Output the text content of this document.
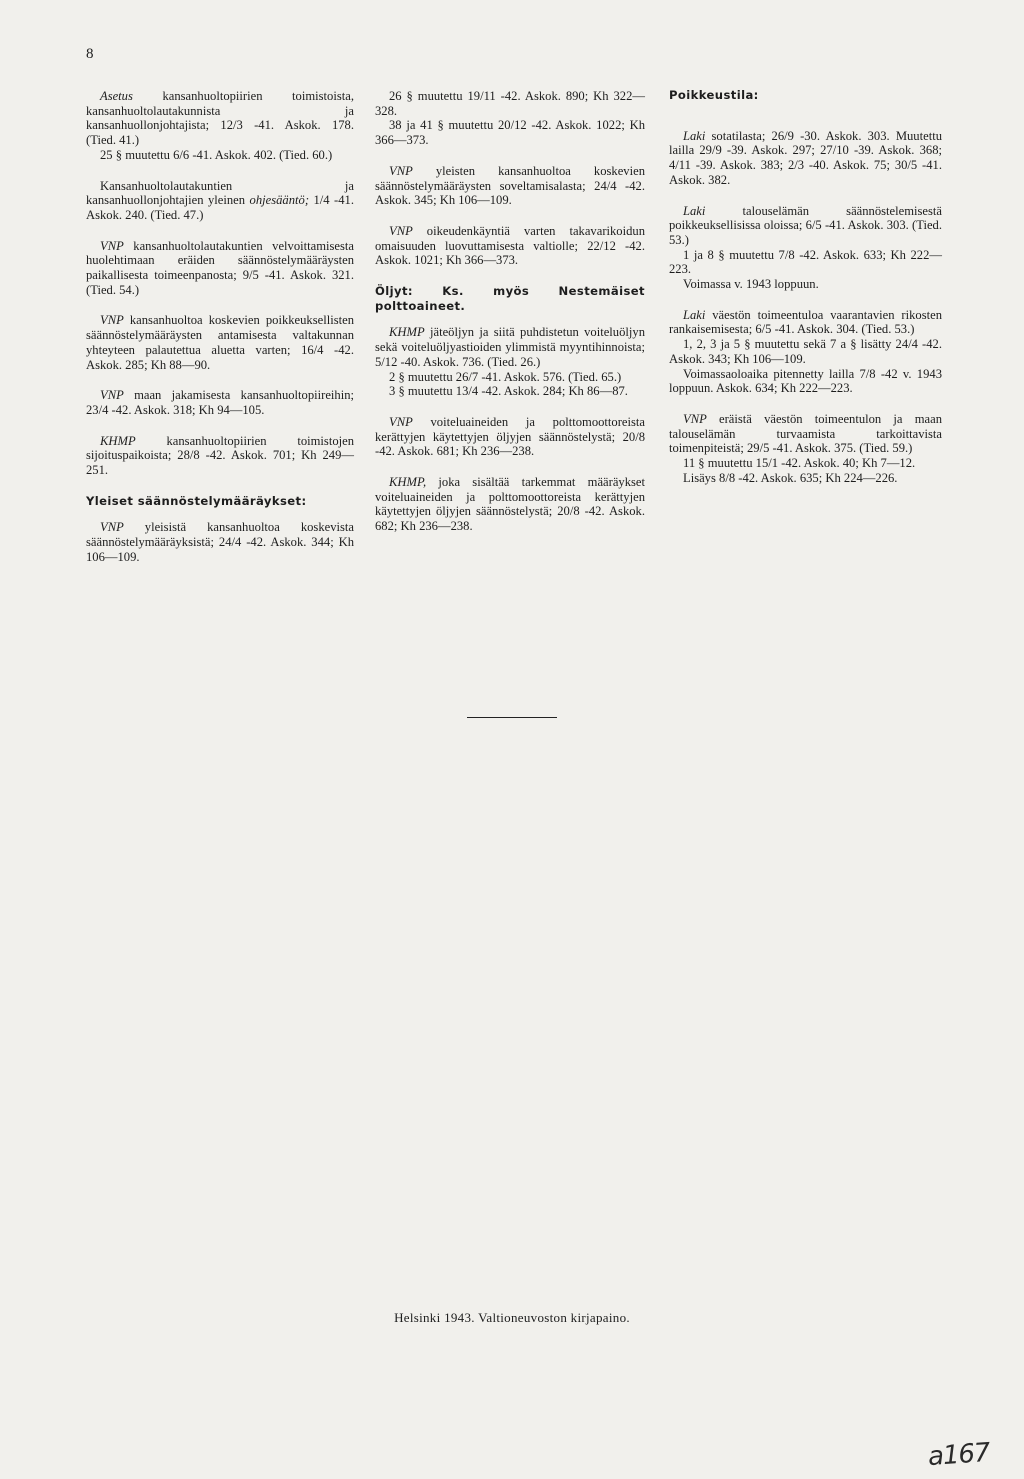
8

Asetus kansanhuoltopiirien toimistoista, kansanhuoltolautakunnista ja kansanhuollonjohtajista; 12/3 -41. Askok. 178. (Tied. 41.)

25 § muutettu 6/6 -41. Askok. 402. (Tied. 60.)

Kansanhuoltolautakuntien ja kansanhuollonjohtajien yleinen ohjesääntö; 1/4 -41. Askok. 240. (Tied. 47.)

VNP kansanhuoltolautakuntien velvoittamisesta huolehtimaan eräiden säännöstelymääräysten paikallisesta toimeenpanosta; 9/5 -41. Askok. 321. (Tied. 54.)

VNP kansanhuoltoa koskevien poikkeuksellisten säännöstelymääräysten antamisesta valtakunnan yhteyteen palautettua aluetta varten; 16/4 -42. Askok. 285; Kh 88—90.

VNP maan jakamisesta kansanhuoltopiireihin; 23/4 -42. Askok. 318; Kh 94—105.

KHMP kansanhuoltopiirien toimistojen sijoituspaikoista; 28/8 -42. Askok. 701; Kh 249—251.

Yleiset säännöstelymääräykset:

VNP yleisistä kansanhuoltoa koskevista säännöstelymääräyksistä; 24/4 -42. Askok. 344; Kh 106—109.

26 § muutettu 19/11 -42. Askok. 890; Kh 322—328.

38 ja 41 § muutettu 20/12 -42. Askok. 1022; Kh 366—373.

VNP yleisten kansanhuoltoa koskevien säännöstelymääräysten soveltamisalasta; 24/4 -42. Askok. 345; Kh 106—109.

VNP oikeudenkäyntiä varten takavarikoidun omaisuuden luovuttamisesta valtiolle; 22/12 -42. Askok. 1021; Kh 366—373.

Öljyt: Ks. myös Nestemäiset polttoaineet.

KHMP jäteöljyn ja siitä puhdistetun voiteluöljyn sekä voiteluöljyastioiden ylimmistä myyntihinnoista; 5/12 -40. Askok. 736. (Tied. 26.)

2 § muutettu 26/7 -41. Askok. 576. (Tied. 65.)

3 § muutettu 13/4 -42. Askok. 284; Kh 86—87.

VNP voiteluaineiden ja polttomoottoreista kerättyjen käytettyjen öljyjen säännöstelystä; 20/8 -42. Askok. 681; Kh 236—238.

KHMP, joka sisältää tarkemmat määräykset voiteluaineiden ja polttomoottoreista kerättyjen käytettyjen öljyjen säännöstelystä; 20/8 -42. Askok. 682; Kh 236—238.

Poikkeustila:

Laki sotatilasta; 26/9 -30. Askok. 303. Muutettu lailla 29/9 -39. Askok. 297; 27/10 -39. Askok. 368; 4/11 -39. Askok. 383; 2/3 -40. Askok. 75; 30/5 -41. Askok. 382.

Laki talouselämän säännöstelemisestä poikkeuksellisissa oloissa; 6/5 -41. Askok. 303. (Tied. 53.)

1 ja 8 § muutettu 7/8 -42. Askok. 633; Kh 222—223.

Voimassa v. 1943 loppuun.

Laki väestön toimeentuloa vaarantavien rikosten rankaisemisesta; 6/5 -41. Askok. 304. (Tied. 53.)

1, 2, 3 ja 5 § muutettu sekä 7 a § lisätty 24/4 -42. Askok. 343; Kh 106—109.

Voimassaoloaika pitennetty lailla 7/8 -42 v. 1943 loppuun. Askok. 634; Kh 222—223.

VNP eräistä väestön toimeentulon ja maan talouselämän turvaamista tarkoittavista toimenpiteistä; 29/5 -41. Askok. 375. (Tied. 59.)

11 § muutettu 15/1 -42. Askok. 40; Kh 7—12.

Lisäys 8/8 -42. Askok. 635; Kh 224—226.

Helsinki 1943. Valtioneuvoston kirjapaino.
a167
